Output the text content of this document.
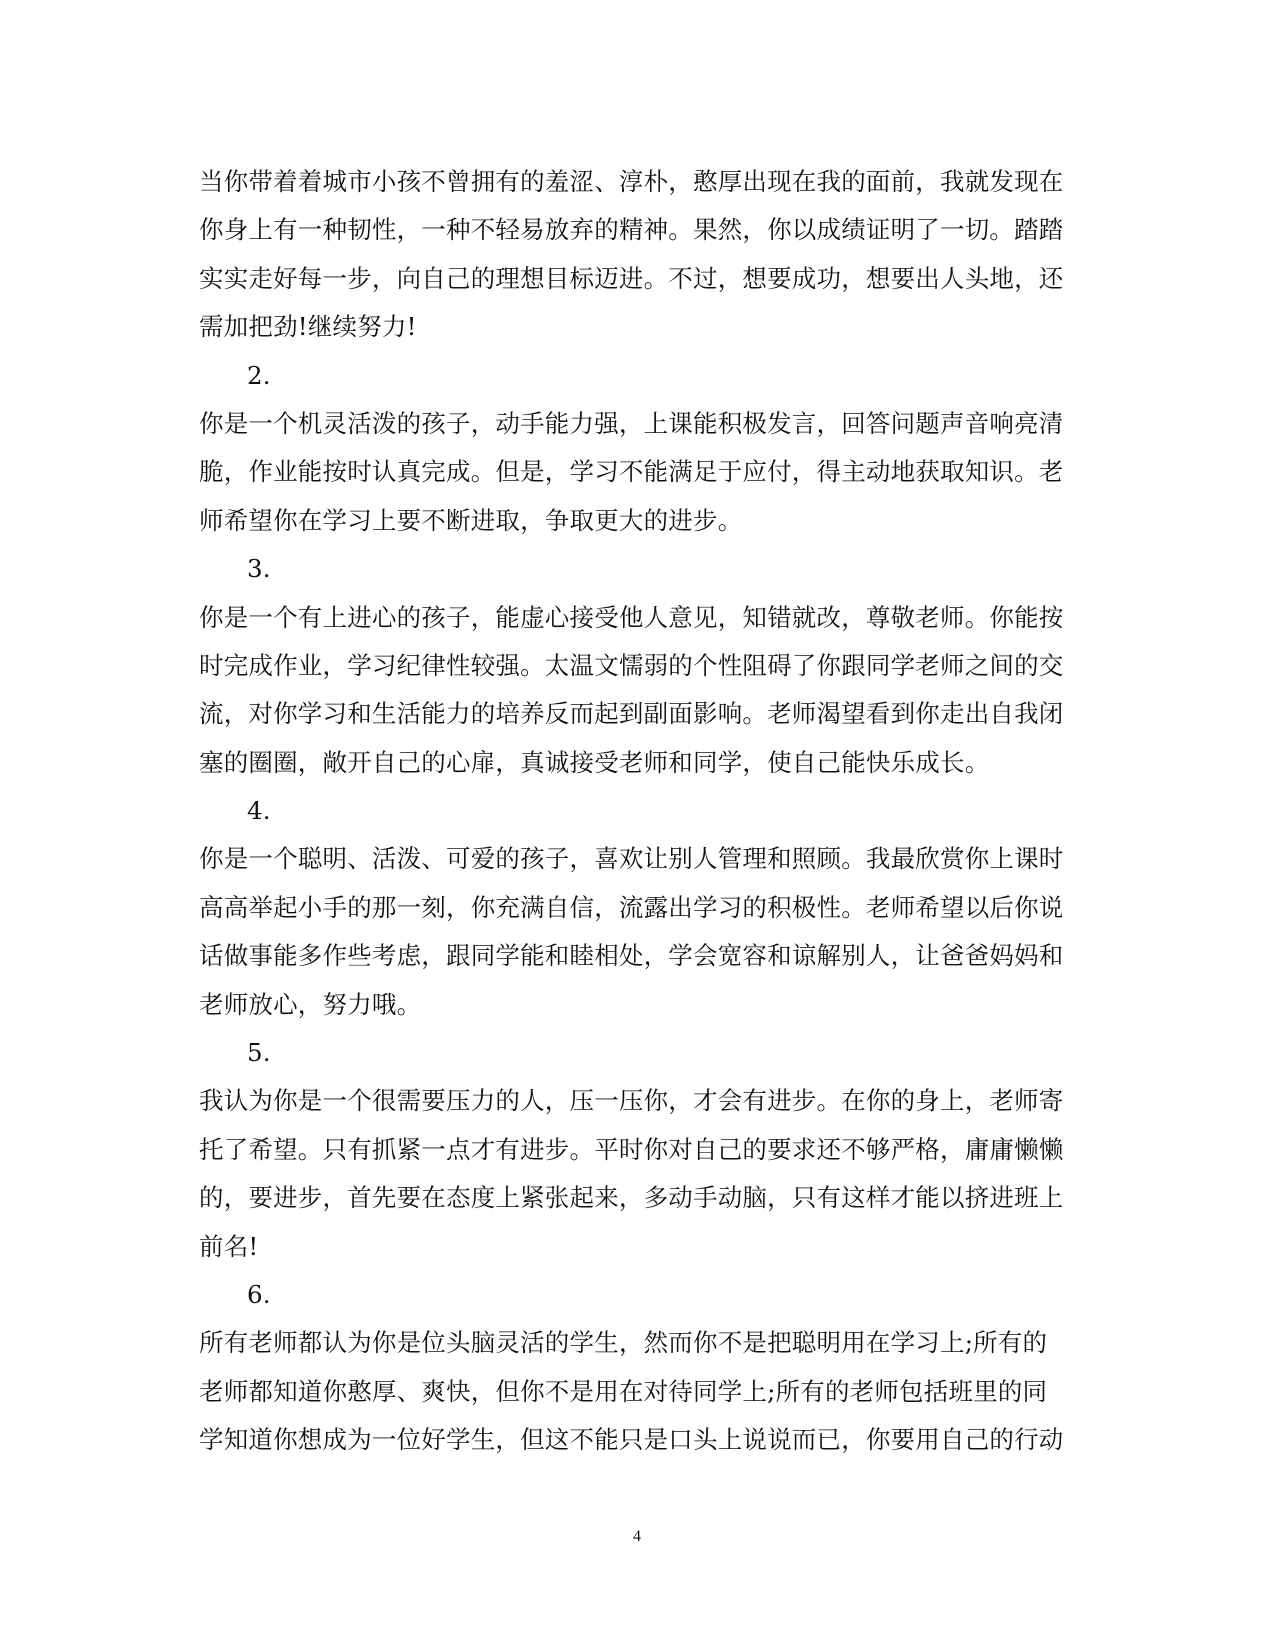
当你带着着城市小孩不曾拥有的羞涩、淳朴，憨厚出现在我的面前，我就发现在
你身上有一种韧性，一种不轻易放弃的精神。果然，你以成绩证明了一切。踏踏
实实走好每一步，向自己的理想目标迈进。不过，想要成功，想要出人头地，还
需加把劲!继续努力!
2.
你是一个机灵活泼的孩子，动手能力强，上课能积极发言，回答问题声音响亮清
脆，作业能按时认真完成。但是，学习不能满足于应付，得主动地获取知识。老
师希望你在学习上要不断进取，争取更大的进步。
3.
你是一个有上进心的孩子，能虚心接受他人意见，知错就改，尊敬老师。你能按
时完成作业，学习纪律性较强。太温文懦弱的个性阻碍了你跟同学老师之间的交
流，对你学习和生活能力的培养反而起到副面影响。老师渴望看到你走出自我闭
塞的圈圈，敞开自己的心扉，真诚接受老师和同学，使自己能快乐成长。
4.
你是一个聪明、活泼、可爱的孩子，喜欢让别人管理和照顾。我最欣赏你上课时
高高举起小手的那一刻，你充满自信，流露出学习的积极性。老师希望以后你说
话做事能多作些考虑，跟同学能和睦相处，学会宽容和谅解别人，让爸爸妈妈和
老师放心，努力哦。
5.
我认为你是一个很需要压力的人，压一压你，才会有进步。在你的身上，老师寄
托了希望。只有抓紧一点才有进步。平时你对自己的要求还不够严格，庸庸懒懒
的，要进步，首先要在态度上紧张起来，多动手动脑，只有这样才能以挤进班上
前名!
6.
所有老师都认为你是位头脑灵活的学生，然而你不是把聪明用在学习上;所有的
老师都知道你憨厚、爽快，但你不是用在对待同学上;所有的老师包括班里的同
学知道你想成为一位好学生，但这不能只是口头上说说而已，你要用自己的行动
4
